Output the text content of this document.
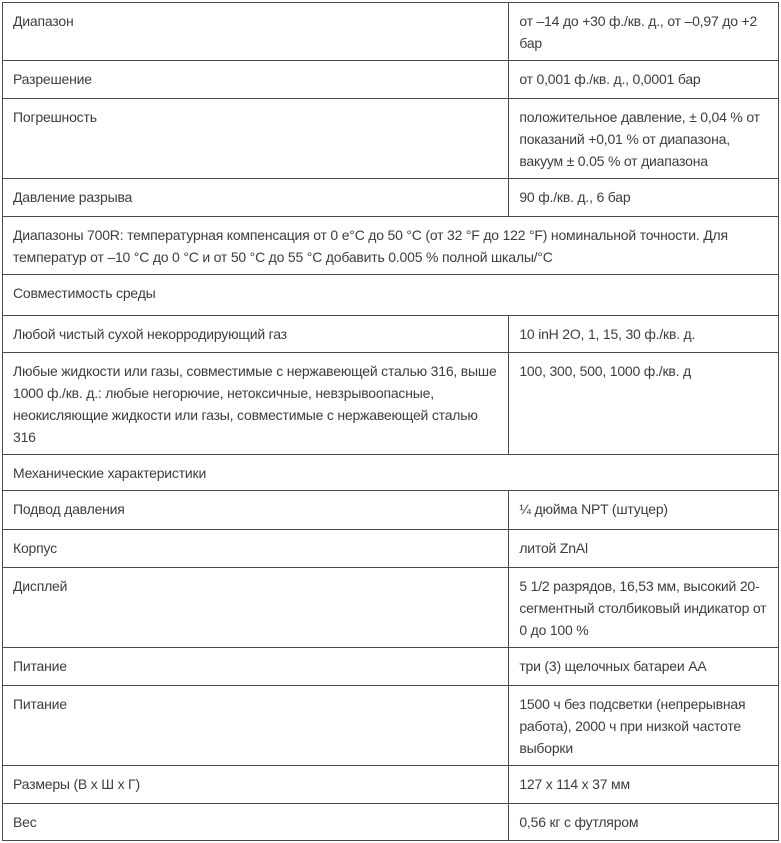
Диапазон	от –14 до +30 ф./кв. д., от –0,97 до +2 бар
Разрешение	от 0,001 ф./кв. д., 0,0001 бар
Погрешность	положительное давление, ± 0,04 % от показаний +0,01 % от диапазона, вакуум ± 0.05 % от диапазона
Давление разрыва	90 ф./кв. д., 6 бар
Диапазоны 700R: температурная компенсация от 0 е°С до 50 °C (от 32 °F до 122 °F) номинальной точности. Для температур от –10 °C до 0 °C и от 50 °C до 55 °C добавить 0.005 % полной шкалы/°C	
Совместимость среды	
Любой чистый сухой некорродирующий газ	10 inH 2O, 1, 15, 30 ф./кв. д.
Любые жидкости или газы, совместимые с нержавеющей сталью 316, выше 1000 ф./кв. д.: любые негорючие, нетоксичные, невзрывоопасные, неокисляющие жидкости или газы, совместимые с нержавеющей сталью 316	100, 300, 500, 1000 ф./кв. д
Механические характеристики	
Подвод давления	¼ дюйма NPT (штуцер)
Корпус	литой ZnAl
Дисплей	5 1/2 разрядов, 16,53 мм, высокий 20-сегментный столбиковый индикатор от 0 до 100 %
Питание	три (3) щелочных батареи АА
Питание	1500 ч без подсветки (непрерывная работа), 2000 ч при низкой частоте выборки
Размеры (В х Ш х Г)	127 x 114 x 37 мм
Вес	0,56 кг с футляром
